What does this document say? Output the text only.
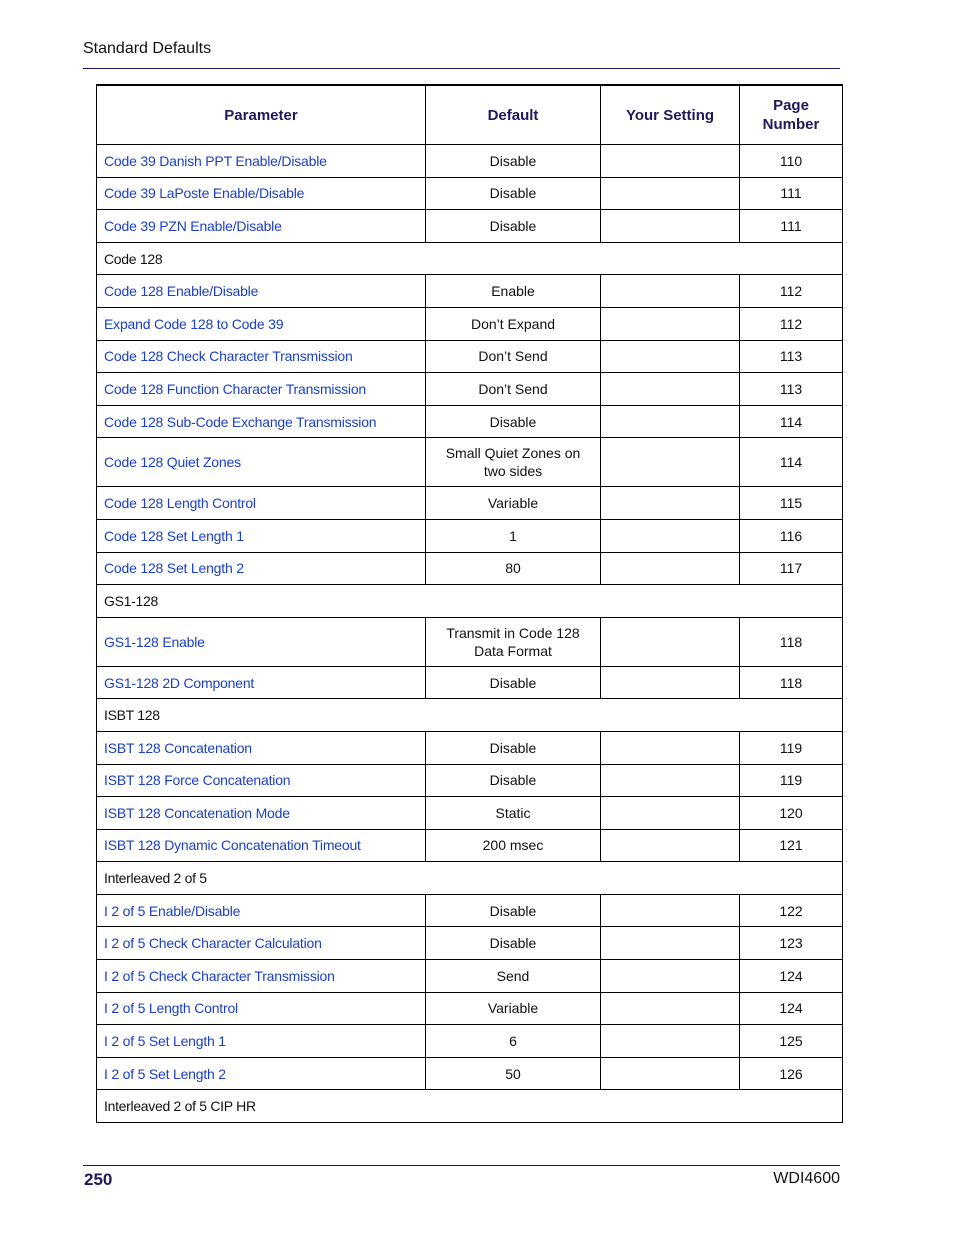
Standard Defaults
Parameter	Default	Your Setting	Page Number
Code 39 Danish PPT Enable/Disable	Disable		110
Code 39 LaPoste Enable/Disable	Disable		111
Code 39 PZN Enable/Disable	Disable		111
Code 128			
Code 128 Enable/Disable	Enable		112
Expand Code 128 to Code 39	Don’t Expand		112
Code 128 Check Character Transmission	Don’t Send		113
Code 128 Function Character Transmission	Don’t Send		113
Code 128 Sub-Code Exchange Transmission	Disable		114
Code 128 Quiet Zones	Small Quiet Zones on two sides		114
Code 128 Length Control	Variable		115
Code 128 Set Length 1	1		116
Code 128 Set Length 2	80		117
GS1-128			
GS1-128 Enable	Transmit in Code 128 Data Format		118
GS1-128 2D Component	Disable		118
ISBT 128			
ISBT 128 Concatenation	Disable		119
ISBT 128 Force Concatenation	Disable		119
ISBT 128 Concatenation Mode	Static		120
ISBT 128 Dynamic Concatenation Timeout	200 msec		121
Interleaved 2 of 5			
I 2 of 5 Enable/Disable	Disable		122
I 2 of 5 Check Character Calculation	Disable		123
I 2 of 5 Check Character Transmission	Send		124
I 2 of 5 Length Control	Variable		124
I 2 of 5 Set Length 1	6		125
I 2 of 5 Set Length 2	50		126
Interleaved 2 of 5 CIP HR			
250	WDI4600
